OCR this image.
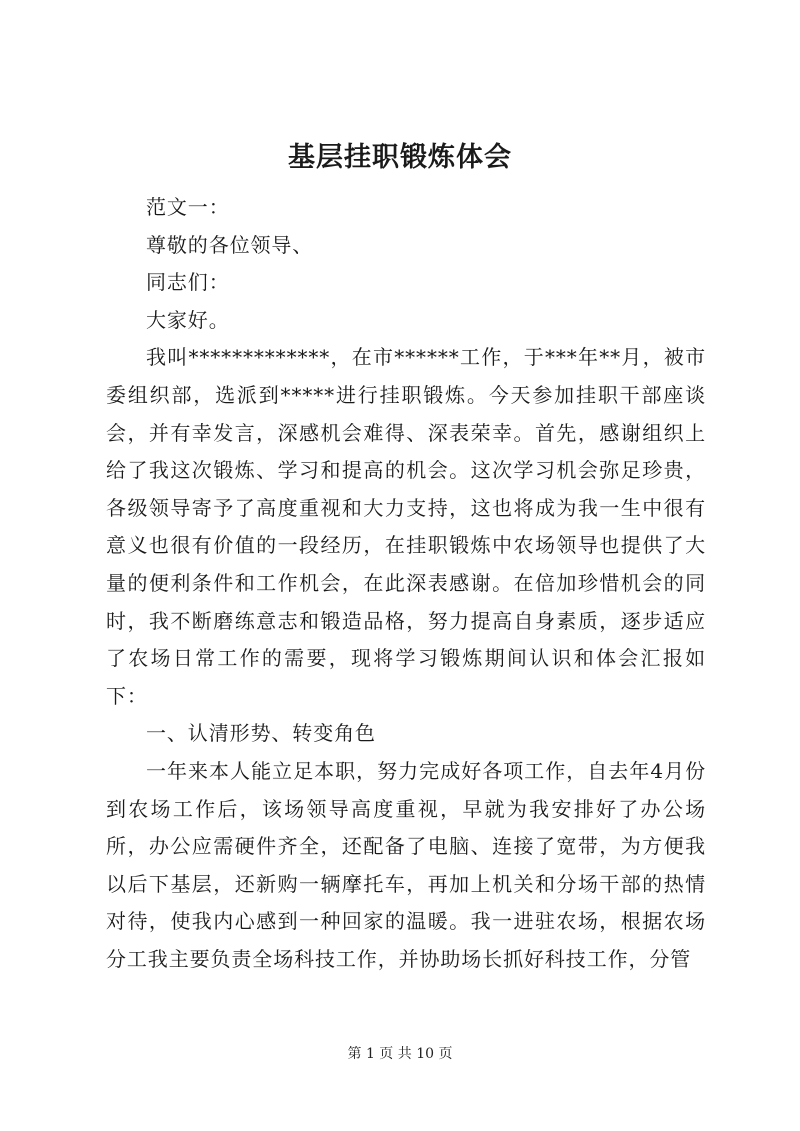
基层挂职锻炼体会

范文一：

尊敬的各位领导、

同志们：

大家好。

我叫*************，在市******工作，于***年**月，被市委组织部，选派到*****进行挂职锻炼。今天参加挂职干部座谈会，并有幸发言，深感机会难得、深表荣幸。首先，感谢组织上给了我这次锻炼、学习和提高的机会。这次学习机会弥足珍贵，各级领导寄予了高度重视和大力支持，这也将成为我一生中很有意义也很有价值的一段经历，在挂职锻炼中农场领导也提供了大量的便利条件和工作机会，在此深表感谢。在倍加珍惜机会的同时，我不断磨练意志和锻造品格，努力提高自身素质，逐步适应了农场日常工作的需要，现将学习锻炼期间认识和体会汇报如下：

一、认清形势、转变角色

一年来本人能立足本职，努力完成好各项工作，自去年4月份到农场工作后，该场领导高度重视，早就为我安排好了办公场所，办公应需硬件齐全，还配备了电脑、连接了宽带，为方便我以后下基层，还新购一辆摩托车，再加上机关和分场干部的热情对待，使我内心感到一种回家的温暖。我一进驻农场，根据农场分工我主要负责全场科技工作，并协助场长抓好科技工作，分管

第 1 页 共 10 页
